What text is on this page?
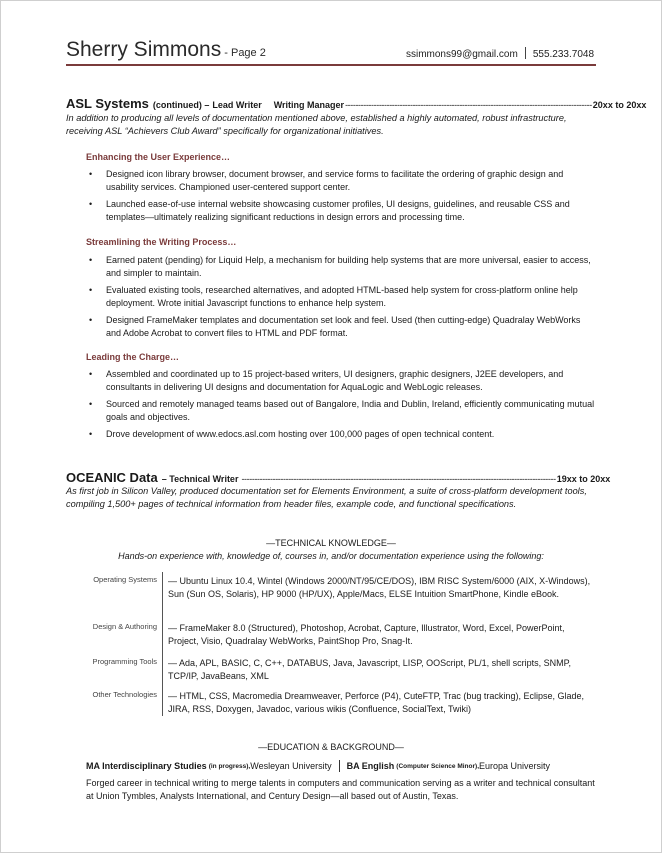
Sherry Simmons - Page 2	ssimmons99@gmail.com 555.233.7048
ASL Systems (continued) – Lead Writer Writing Manager ----------------------------------------------------------------------------------------------- 20xx to 20xx
In addition to producing all levels of documentation mentioned above, established a highly automated, robust infrastructure, receiving ASL “Achievers Club Award” specifically for organizational initiatives.
Enhancing the User Experience…
• Designed icon library browser, document browser, and service forms to facilitate the ordering of graphic design and usability services. Championed user-centered support center.
• Launched ease-of-use internal website showcasing customer profiles, UI designs, guidelines, and reusable CSS and templates—ultimately realizing significant reductions in design errors and processing time.
Streamlining the Writing Process…
• Earned patent (pending) for Liquid Help, a mechanism for building help systems that are more universal, easier to access, and simpler to maintain.
• Evaluated existing tools, researched alternatives, and adopted HTML-based help system for cross-platform online help deployment. Wrote initial Javascript functions to enhance help system.
• Designed FrameMaker templates and documentation set look and feel. Used (then cutting-edge) Quadralay WebWorks and Adobe Acrobat to convert files to HTML and PDF format.
Leading the Charge…
• Assembled and coordinated up to 15 project-based writers, UI designers, graphic designers, J2EE developers, and consultants in delivering UI designs and documentation for AquaLogic and WebLogic releases.
• Sourced and remotely managed teams based out of Bangalore, India and Dublin, Ireland, efficiently communicating mutual goals and objectives.
• Drove development of www.edocs.asl.com hosting over 100,000 pages of open technical content.
OCEANIC Data – Technical Writer ------------------------------------------------------------------------------------------------------------------------- 19xx to 20xx
As first job in Silicon Valley, produced documentation set for Elements Environment, a suite of cross-platform development tools, compiling 1,500+ pages of technical information from header files, example code, and functional specifications.
—TECHNICAL KNOWLEDGE—
Hands-on experience with, knowledge of, courses in, and/or documentation experience using the following:
Operating Systems — Ubuntu Linux 10.4, Wintel (Windows 2000/NT/95/CE/DOS), IBM RISC System/6000 (AIX, X-Windows), Sun (Sun OS, Solaris), HP 9000 (HP/UX), Apple/Macs, ELSE Intuition SmartPhone, Kindle eBook.
Design & Authoring — FrameMaker 8.0 (Structured), Photoshop, Acrobat, Capture, Illustrator, Word, Excel, PowerPoint, Project, Visio, Quadralay WebWorks, PaintShop Pro, Snag-It.
Programming Tools — Ada, APL, BASIC, C, C++, DATABUS, Java, Javascript, LISP, OOScript, PL/1, shell scripts, SNMP, TCP/IP, JavaBeans, XML
Other Technologies — HTML, CSS, Macromedia Dreamweaver, Perforce (P4), CuteFTP, Trac (bug tracking), Eclipse, Glade, JIRA, RSS, Doxygen, Javadoc, various wikis (Confluence, SocialText, Twiki)
—EDUCATION & BACKGROUND—
MA Interdisciplinary Studies (in progress), Wesleyan University BA English (Computer Science Minor), Europa University
Forged career in technical writing to merge talents in computers and communication serving as a writer and technical consultant at Union Tymbles, Analysts International, and Century Design—all based out of Austin, Texas.
